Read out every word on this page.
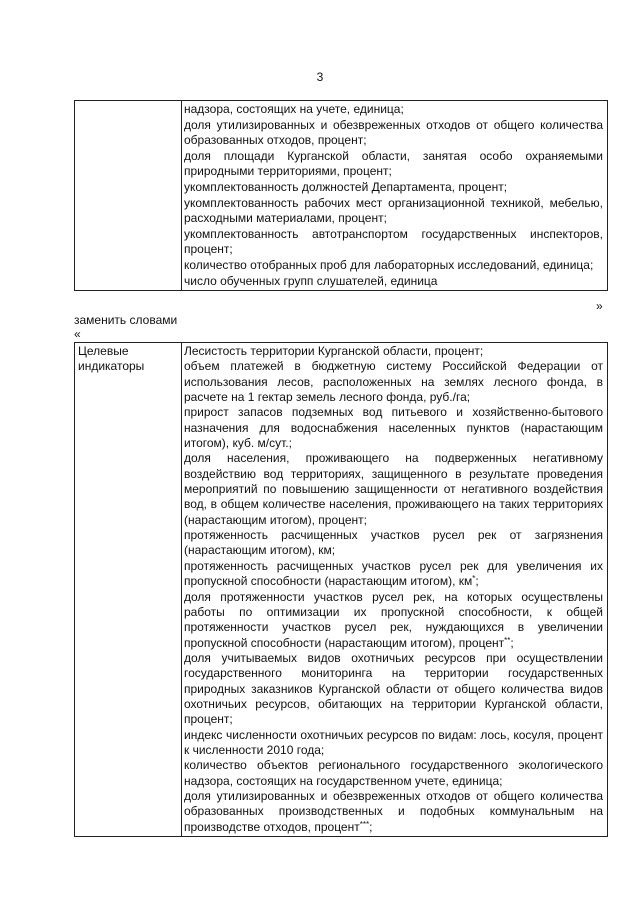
3

надзора, состоящих на учете, единица;
доля утилизированных и обезвреженных отходов от общего количества образованных отходов, процент;
доля площади Курганской области, занятая особо охраняемыми природными территориями, процент;
укомплектованность должностей Департамента, процент;
укомплектованность рабочих мест организационной техникой, мебелью, расходными материалами, процент;
укомплектованность автотранспортом государственных инспекторов, процент;
количество отобранных проб для лабораторных исследований, единица;
число обученных групп слушателей, единица
»
заменить словами
«
Целевые индикаторы

Лесистость территории Курганской области, процент;
объем платежей в бюджетную систему Российской Федерации от использования лесов, расположенных на землях лесного фонда, в расчете на 1 гектар земель лесного фонда, руб./га;
прирост запасов подземных вод питьевого и хозяйственно-бытового назначения для водоснабжения населенных пунктов (нарастающим итогом), куб. м/сут.;
доля населения, проживающего на подверженных негативному воздействию вод территориях, защищенного в результате проведения мероприятий по повышению защищенности от негативного воздействия вод, в общем количестве населения, проживающего на таких территориях (нарастающим итогом), процент;
протяженность расчищенных участков русел рек от загрязнения (нарастающим итогом), км;
протяженность расчищенных участков русел рек для увеличения их пропускной способности (нарастающим итогом), км*;
доля протяженности участков русел рек, на которых осуществлены работы по оптимизации их пропускной способности, к общей протяженности участков русел рек, нуждающихся в увеличении пропускной способности (нарастающим итогом), процент**;
доля учитываемых видов охотничьих ресурсов при осуществлении государственного мониторинга на территории государственных природных заказников Курганской области от общего количества видов охотничьих ресурсов, обитающих на территории Курганской области, процент;
индекс численности охотничьих ресурсов по видам: лось, косуля, процент к численности 2010 года;
количество объектов регионального государственного экологического надзора, состоящих на государственном учете, единица;
доля утилизированных и обезвреженных отходов от общего количества образованных производственных и подобных коммунальным на производстве отходов, процент***;
